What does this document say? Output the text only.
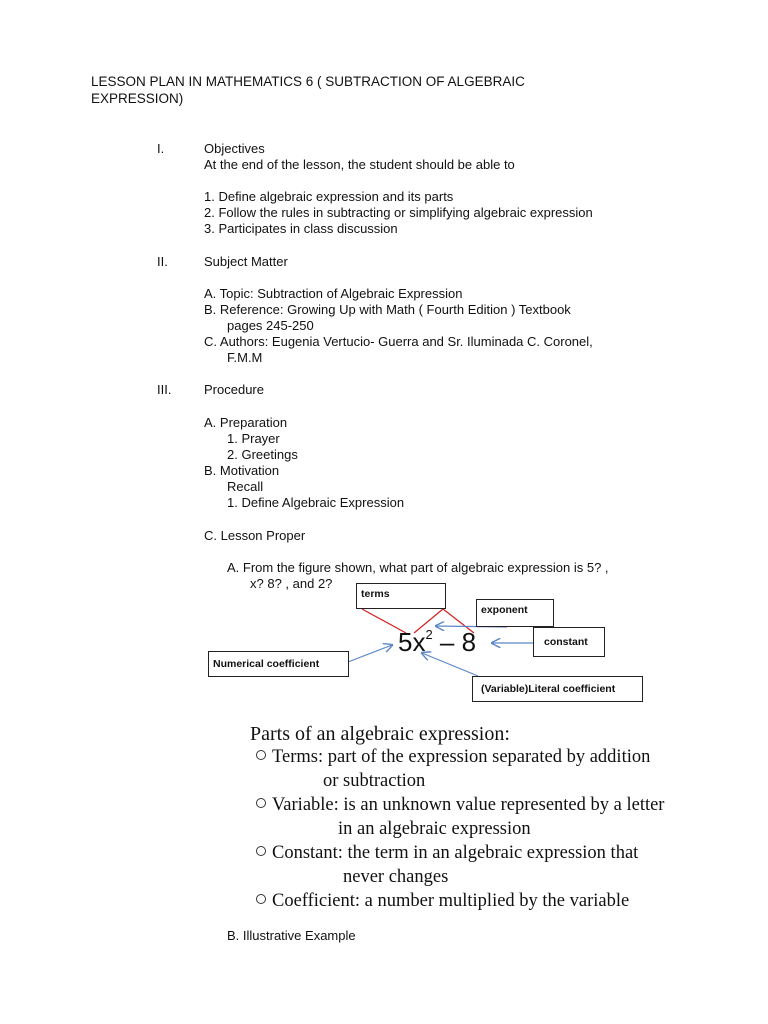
LESSON PLAN IN MATHEMATICS 6 ( SUBTRACTION OF ALGEBRAIC EXPRESSION)
I.	Objectives
At the end of the lesson, the student should be able to
1. Define algebraic expression and its parts
2. Follow the rules in subtracting or simplifying algebraic expression
3. Participates in class discussion
II.	Subject Matter
A. Topic: Subtraction of Algebraic Expression
B. Reference: Growing Up with Math ( Fourth Edition ) Textbook
pages 245-250
C. Authors: Eugenia Vertucio- Guerra and Sr. Iluminada C. Coronel,
F.M.M
III.	Procedure
A. Preparation
1. Prayer
2. Greetings
B. Motivation
Recall
1. Define Algebraic Expression
C. Lesson Proper
A. From the figure shown, what part of algebraic expression is 5? ,
x? 8? , and 2?
$5x^2 - 8$
terms
exponent
constant
Numerical coefficient
(Variable)Literal coefficient
Parts of an algebraic expression:
Terms: part of the expression separated by addition
or subtraction
Variable: is an unknown value represented by a letter
in an algebraic expression
Constant: the term in an algebraic expression that
never changes
Coefficient: a number multiplied by the variable
B. Illustrative Example
